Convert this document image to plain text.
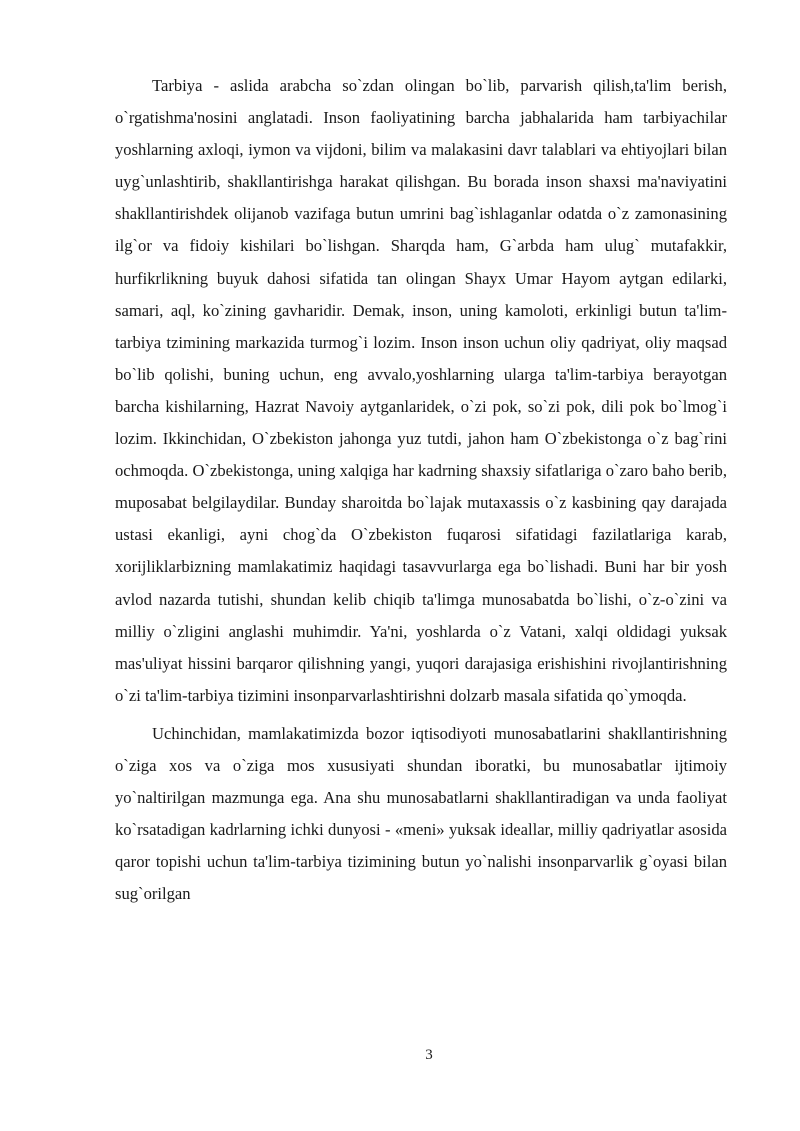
Tarbiya - aslida arabcha so`zdan olingan bo`lib, parvarish qilish,ta'lim berish, o`rgatishma'nosini anglatadi. Inson faoliyatining barcha jabhalarida ham tarbiyachilar yoshlarning axloqi, iymon va vijdoni, bilim va malakasini davr talablari va ehtiyojlari bilan uyg`unlashtirib, shakllantirishga harakat qilishgan. Bu borada inson shaxsi ma'naviyatini shakllantirishdek olijanob vazifaga butun umrini bag`ishlaganlar odatda o`z zamonasining ilg`or va fidoiy kishilari bo`lishgan. Sharqda ham, G`arbda ham ulug` mutafakkir, hurfikrlikning buyuk dahosi sifatida tan olingan Shayx Umar Hayom aytgan edilarki, samari, aql, ko`zining gavharidir. Demak, inson, uning kamoloti, erkinligi butun ta'lim-tarbiya tzimining markazida turmog`i lozim. Inson inson uchun oliy qadriyat, oliy maqsad bo`lib qolishi, buning uchun, eng avvalo,yoshlarning ularga ta'lim-tarbiya berayotgan barcha kishilarning, Hazrat Navoiy aytganlaridek, o`zi pok, so`zi pok, dili pok bo`lmog`i lozim. Ikkinchidan, O`zbekiston jahonga yuz tutdi, jahon ham O`zbekistonga o`z bag`rini ochmoqda. O`zbekistonga, uning xalqiga har kadrning shaxsiy sifatlariga o`zaro baho berib, muposabat belgilaydilar. Bunday sharoitda bo`lajak mutaxassis o`z kasbining qay darajada ustasi ekanligi, ayni chog`da O`zbekiston fuqarosi sifatidagi fazilatlariga karab, xorijliklarbizning mamlakatimiz haqidagi tasavvurlarga ega bo`lishadi. Buni har bir yosh avlod nazarda tutishi, shundan kelib chiqib ta'limga munosabatda bo`lishi, o`z-o`zini va milliy o`zligini anglashi muhimdir. Ya'ni, yoshlarda o`z Vatani, xalqi oldidagi yuksak mas'uliyat hissini barqaror qilishning yangi, yuqori darajasiga erishishini rivojlantirishning o`zi ta'lim-tarbiya tizimini insonparvarlashtirishni dolzarb masala sifatida qo`ymoqda.

Uchinchidan, mamlakatimizda bozor iqtisodiyoti munosabatlarini shakllantirishning o`ziga xos va o`ziga mos xususiyati shundan iboratki, bu munosabatlar ijtimoiy yo`naltirilgan mazmunga ega. Ana shu munosabatlarni shakllantiradigan va unda faoliyat ko`rsatadigan kadrlarning ichki dunyosi - «meni» yuksak ideallar, milliy qadriyatlar asosida qaror topishi uchun ta'lim-tarbiya tizimining butun yo`nalishi insonparvarlik g`oyasi bilan sug`orilgan

3
